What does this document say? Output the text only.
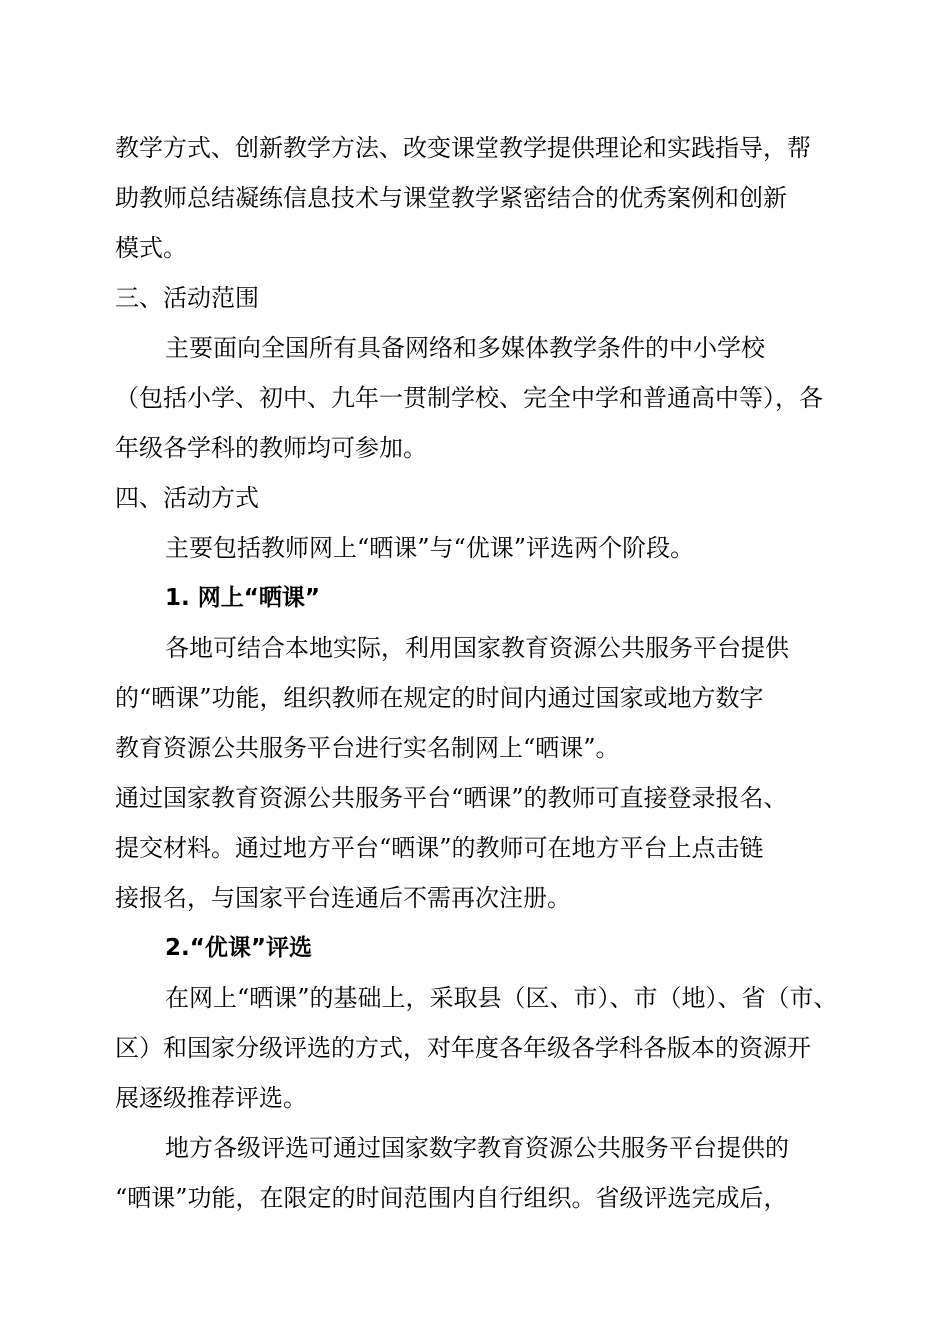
教学方式、创新教学方法、改变课堂教学提供理论和实践指导，帮
助教师总结凝练信息技术与课堂教学紧密结合的优秀案例和创新
模式。
三、活动范围
主要面向全国所有具备网络和多媒体教学条件的中小学校
（包括小学、初中、九年一贯制学校、完全中学和普通高中等），各
年级各学科的教师均可参加。
四、活动方式
主要包括教师网上“晒课”与“优课”评选两个阶段。
1. 网上“晒课”
各地可结合本地实际，利用国家教育资源公共服务平台提供
的“晒课”功能，组织教师在规定的时间内通过国家或地方数字
教育资源公共服务平台进行实名制网上“晒课”。
通过国家教育资源公共服务平台“晒课”的教师可直接登录报名、
提交材料。通过地方平台“晒课”的教师可在地方平台上点击链
接报名，与国家平台连通后不需再次注册。
2.“优课”评选
在网上“晒课”的基础上，采取县（区、市）、市（地）、省（市、
区）和国家分级评选的方式，对年度各年级各学科各版本的资源开
展逐级推荐评选。
地方各级评选可通过国家数字教育资源公共服务平台提供的
“晒课”功能，在限定的时间范围内自行组织。省级评选完成后，
